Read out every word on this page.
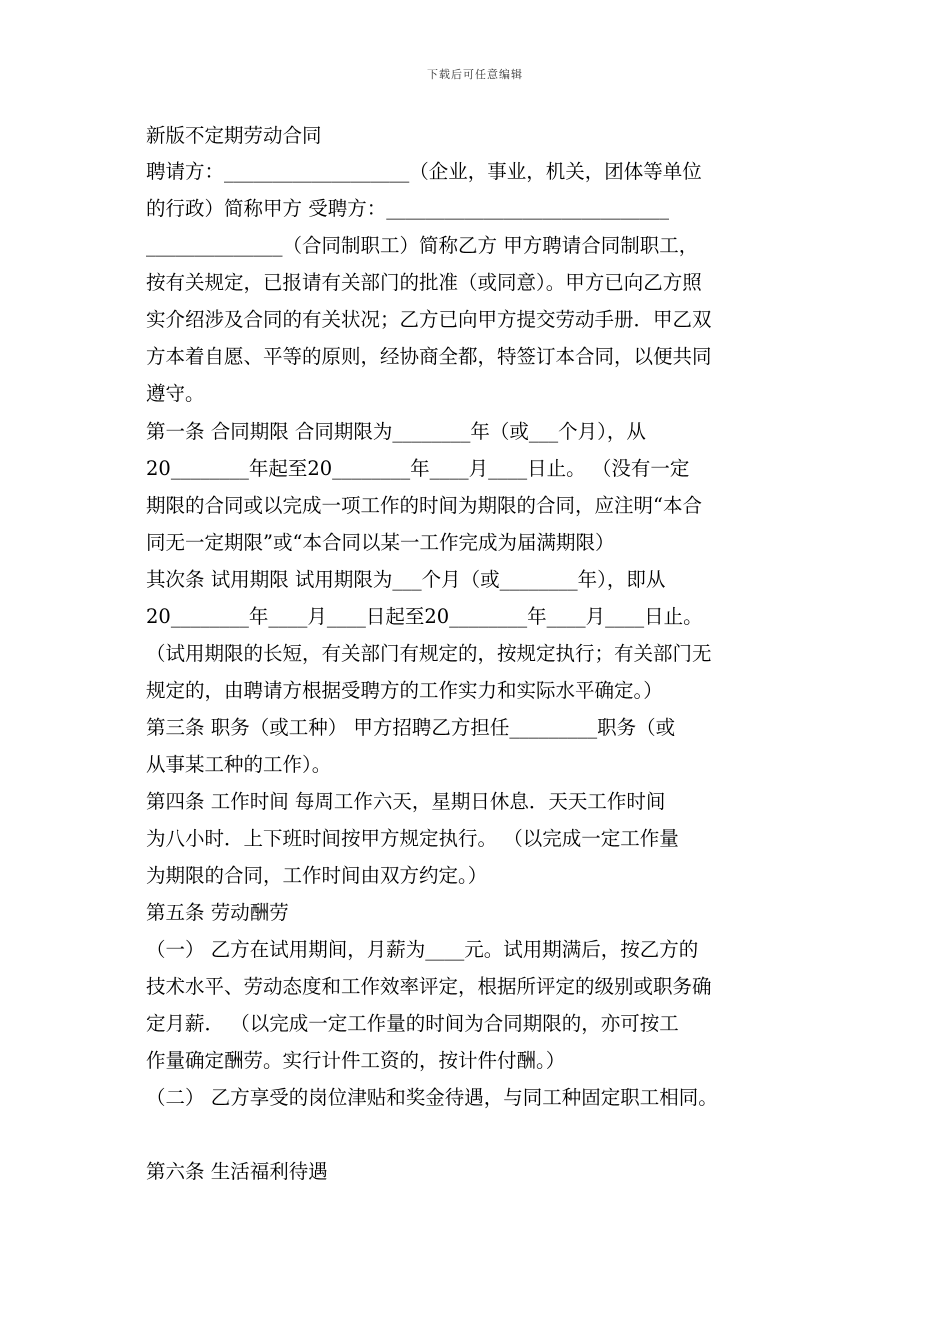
下载后可任意编辑
新版不定期劳动合同
聘请方：___________________（企业，事业，机关，团体等单位
的行政）简称甲方 受聘方：_____________________________
______________（合同制职工）简称乙方 甲方聘请合同制职工，
按有关规定，已报请有关部门的批准（或同意）。甲方已向乙方照
实介绍涉及合同的有关状况；乙方已向甲方提交劳动手册．甲乙双
方本着自愿、平等的原则，经协商全都，特签订本合同，以便共同
遵守。
第一条 合同期限 合同期限为________年（或___个月），从
20________年起至20________年____月____日止。 （没有一定
期限的合同或以完成一项工作的时间为期限的合同，应注明“本合
同无一定期限”或“本合同以某一工作完成为届满期限）
其次条 试用期限 试用期限为___个月（或________年），即从
20________年____月____日起至20________年____月____日止。
（试用期限的长短，有关部门有规定的，按规定执行；有关部门无
规定的，由聘请方根据受聘方的工作实力和实际水平确定。）
第三条 职务（或工种） 甲方招聘乙方担任_________职务（或
从事某工种的工作）。
第四条 工作时间 每周工作六天，星期日休息．天天工作时间
为八小时．上下班时间按甲方规定执行。 （以完成一定工作量
为期限的合同，工作时间由双方约定。）
第五条 劳动酬劳
（一） 乙方在试用期间，月薪为____元。试用期满后，按乙方的
技术水平、劳动态度和工作效率评定，根据所评定的级别或职务确
定月薪． （以完成一定工作量的时间为合同期限的，亦可按工
作量确定酬劳。实行计件工资的，按计件付酬。）
（二） 乙方享受的岗位津贴和奖金待遇，与同工种固定职工相同。
第六条 生活福利待遇
